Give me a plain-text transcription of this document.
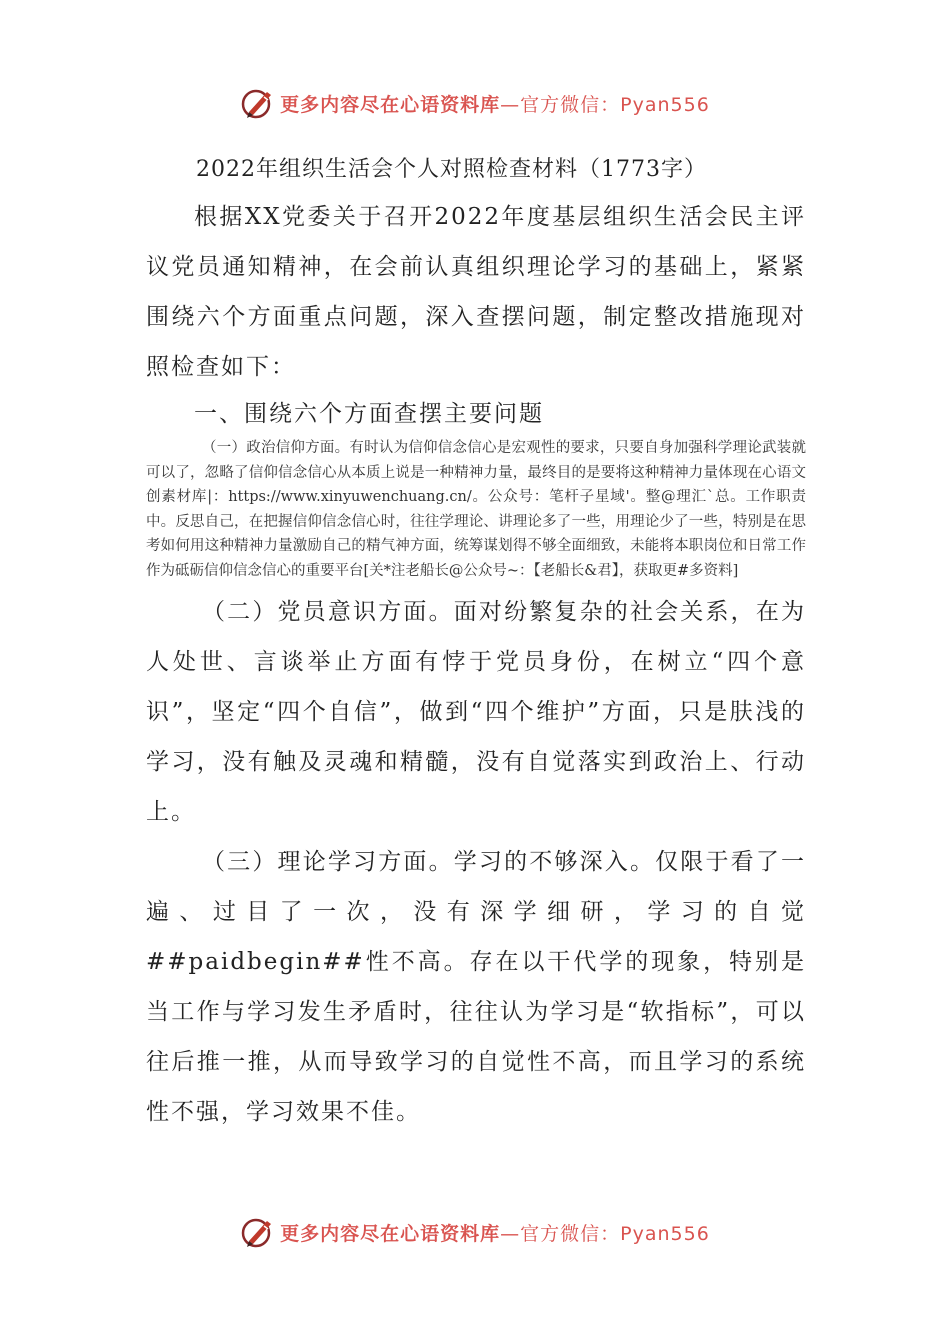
更多内容尽在心语资料库—官方微信：Pyan556
2022年组织生活会个人对照检查材料（1773字）

根据XX党委关于召开2022年度基层组织生活会民主评议党员通知精神，在会前认真组织理论学习的基础上，紧紧围绕六个方面重点问题，深入查摆问题，制定整改措施现对照检查如下：

一、围绕六个方面查摆主要问题

（一）政治信仰方面。有时认为信仰信念信心是宏观性的要求，只要自身加强科学理论武装就可以了，忽略了信仰信念信心从本质上说是一种精神力量，最终目的是要将这种精神力量体现在心语文创素材库|：https://www.xinyuwenchuang.cn/。公众号：笔杆子星域'。整@理汇`总。工作职责中。反思自己，在把握信仰信念信心时，往往学理论、讲理论多了一些，用理论少了一些，特别是在思考如何用这种精神力量激励自己的精气神方面，统筹谋划得不够全面细致，未能将本职岗位和日常工作作为砥砺信仰信念信心的重要平台[关*注老船长@公众号~：【老船长&君】，获取更#多资料]

（二）党员意识方面。面对纷繁复杂的社会关系，在为人处世、言谈举止方面有悖于党员身份，在树立“四个意识”，坚定“四个自信”，做到“四个维护”方面，只是肤浅的学习，没有触及灵魂和精髓，没有自觉落实到政治上、行动上。

（三）理论学习方面。学习的不够深入。仅限于看了一遍、过目了一次，没有深学细研，学习的自觉##paidbegin##性不高。存在以干代学的现象，特别是当工作与学习发生矛盾时，往往认为学习是“软指标”，可以往后推一推，从而导致学习的自觉性不高，而且学习的系统性不强，学习效果不佳。

更多内容尽在心语资料库—官方微信：Pyan556
